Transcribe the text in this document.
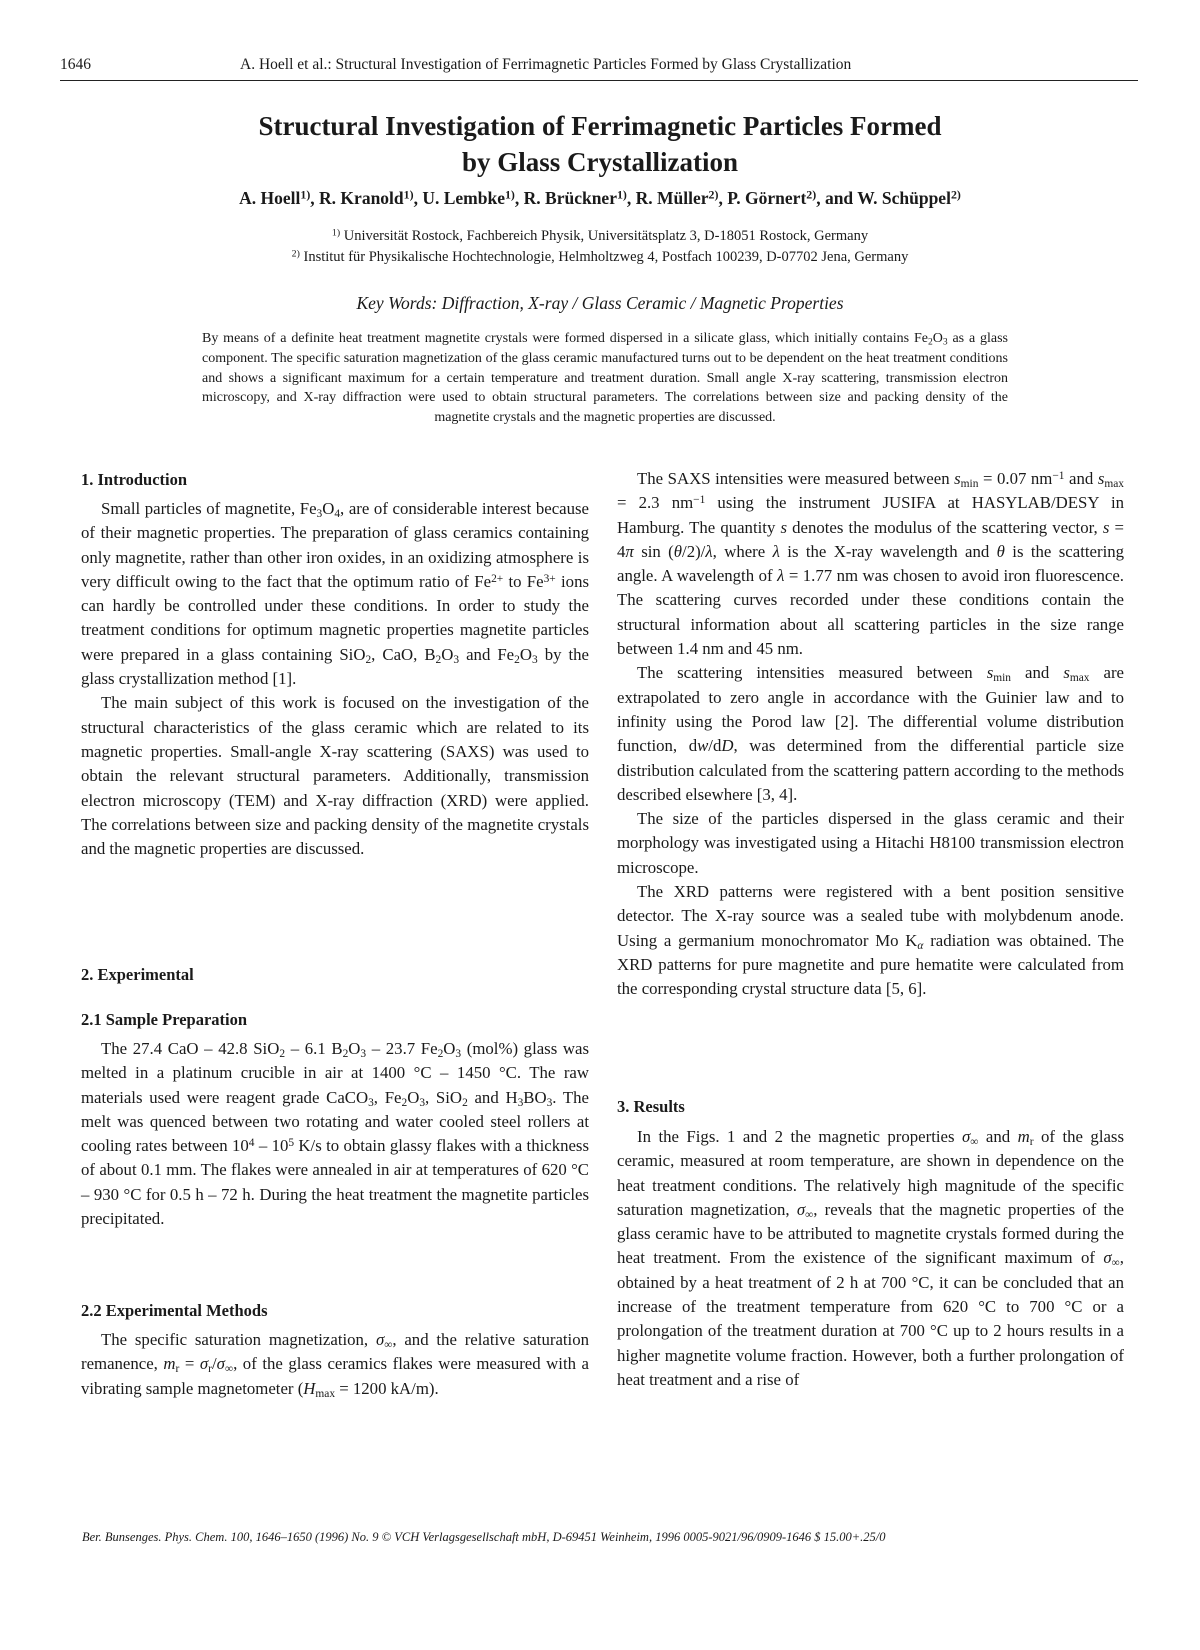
1646	A. Hoell et al.: Structural Investigation of Ferrimagnetic Particles Formed by Glass Crystallization
Structural Investigation of Ferrimagnetic Particles Formed
by Glass Crystallization
A. Hoell$^{1)}$, R. Kranold$^{1)}$, U. Lembke$^{1)}$, R. Brückner$^{1)}$, R. Müller$^{2)}$, P. Görnert$^{2)}$, and W. Schüppel$^{2)}$
$^{1)}$ Universität Rostock, Fachbereich Physik, Universitätsplatz 3, D-18051 Rostock, Germany
$^{2)}$ Institut für Physikalische Hochtechnologie, Helmholtzweg 4, Postfach 100239, D-07702 Jena, Germany
Key Words: Diffraction, X-ray / Glass Ceramic / Magnetic Properties
By means of a definite heat treatment magnetite crystals were formed dispersed in a silicate glass, which initially contains $Fe_2O_3$ as a glass component. The specific saturation magnetization of the glass ceramic manufactured turns out to be dependent on the heat treatment conditions and shows a significant maximum for a certain temperature and treatment duration. Small angle X-ray scattering, transmission electron microscopy, and X-ray diffraction were used to obtain structural parameters. The correlations between size and packing density of the magnetite crystals and the magnetic properties are discussed.
1. Introduction

Small particles of magnetite, $Fe_3O_4$, are of considerable interest because of their magnetic properties. The preparation of glass ceramics containing only magnetite, rather than other iron oxides, in an oxidizing atmosphere is very difficult owing to the fact that the optimum ratio of $Fe^{2+}$ to $Fe^{3+}$ ions can hardly be controlled under these conditions. In order to study the treatment conditions for optimum magnetic properties magnetite particles were prepared in a glass containing SiO$_2$, CaO, $B_2O_3$ and $Fe_2O_3$ by the glass crystallization method [1].

The main subject of this work is focused on the investigation of the structural characteristics of the glass ceramic which are related to its magnetic properties. Small-angle X-ray scattering (SAXS) was used to obtain the relevant structural parameters. Additionally, transmission electron microscopy (TEM) and X-ray diffraction (XRD) were applied. The correlations between size and packing density of the magnetite crystals and the magnetic properties are discussed.

2. Experimental
2.1 Sample Preparation

The 27.4 CaO – 42.8 SiO$_2$ – 6.1 $B_2O_3 - 23.7$ $Fe_2O_3$ (mol%) glass was melted in a platinum crucible in air at 1400 °C – 1450 °C. The raw materials used were reagent grade CaCO$_3$, $Fe_2O_3$, SiO$_2$ and $H_3BO_3$. The melt was quenced between two rotating and water cooled steel rollers at cooling rates between $10^4 - 10^5$ K/s to obtain glassy flakes with a thickness of about 0.1 mm. The flakes were annealed in air at temperatures of 620 °C – 930 °C for 0.5 h – 72 h. During the heat treatment the magnetite particles precipitated.

2.2 Experimental Methods

The specific saturation magnetization, $\sigma_\infty$, and the relative saturation remanence, $m_r = \sigma_r/\sigma_\infty$, of the glass ceramics flakes were measured with a vibrating sample magnetometer ($H_{max} = 1200$ kA/m).

The SAXS intensities were measured between $s_{min} = 0.07$ $nm^{-1}$ and $s_{max} = 2.3$ $nm^{-1}$ using the instrument JUSIFA at HASYLAB/DESY in Hamburg. The quantity s denotes the modulus of the scattering vector, s = 4π sin (θ/2)/λ, where λ is the X-ray wavelength and θ is the scattering angle. A wavelength of λ = 1.77 nm was chosen to avoid iron fluorescence. The scattering curves recorded under these conditions contain the structural information about all scattering particles in the size range between 1.4 nm and 45 nm.

The scattering intensities measured between $s_{min}$ and $s_{max}$ are extrapolated to zero angle in accordance with the Guinier law and to infinity using the Porod law [2]. The differential volume distribution function, dw/dD, was determined from the differential particle size distribution calculated from the scattering pattern according to the methods described elsewhere [3, 4].

The size of the particles dispersed in the glass ceramic and their morphology was investigated using a Hitachi H8100 transmission electron microscope.

The XRD patterns were registered with a bent position sensitive detector. The X-ray source was a sealed tube with molybdenum anode. Using a germanium monochromator Mo $K_\alpha$ radiation was obtained. The XRD patterns for pure magnetite and pure hematite were calculated from the corresponding crystal structure data [5, 6].

3. Results

In the Figs. 1 and 2 the magnetic properties $\sigma_\infty$ and $m_r$ of the glass ceramic, measured at room temperature, are shown in dependence on the heat treatment conditions. The relatively high magnitude of the specific saturation magnetization, $\sigma_\infty$, reveals that the magnetic properties of the glass ceramic have to be attributed to magnetite crystals formed during the heat treatment. From the existence of the significant maximum of $\sigma_\infty$, obtained by a heat treatment of 2 h at 700 °C, it can be concluded that an increase of the treatment temperature from 620 °C to 700 °C or a prolongation of the treatment duration at 700 °C up to 2 hours results in a higher magnetite volume fraction. However, both a further prolongation of heat treatment and a rise of

Ber. Bunsenges. Phys. Chem. 100, 1646–1650 (1996) No. 9 © VCH Verlagsgesellschaft mbH, D-69451 Weinheim, 1996 0005-9021/96/0909-1646 $ 15.00+.25/0
